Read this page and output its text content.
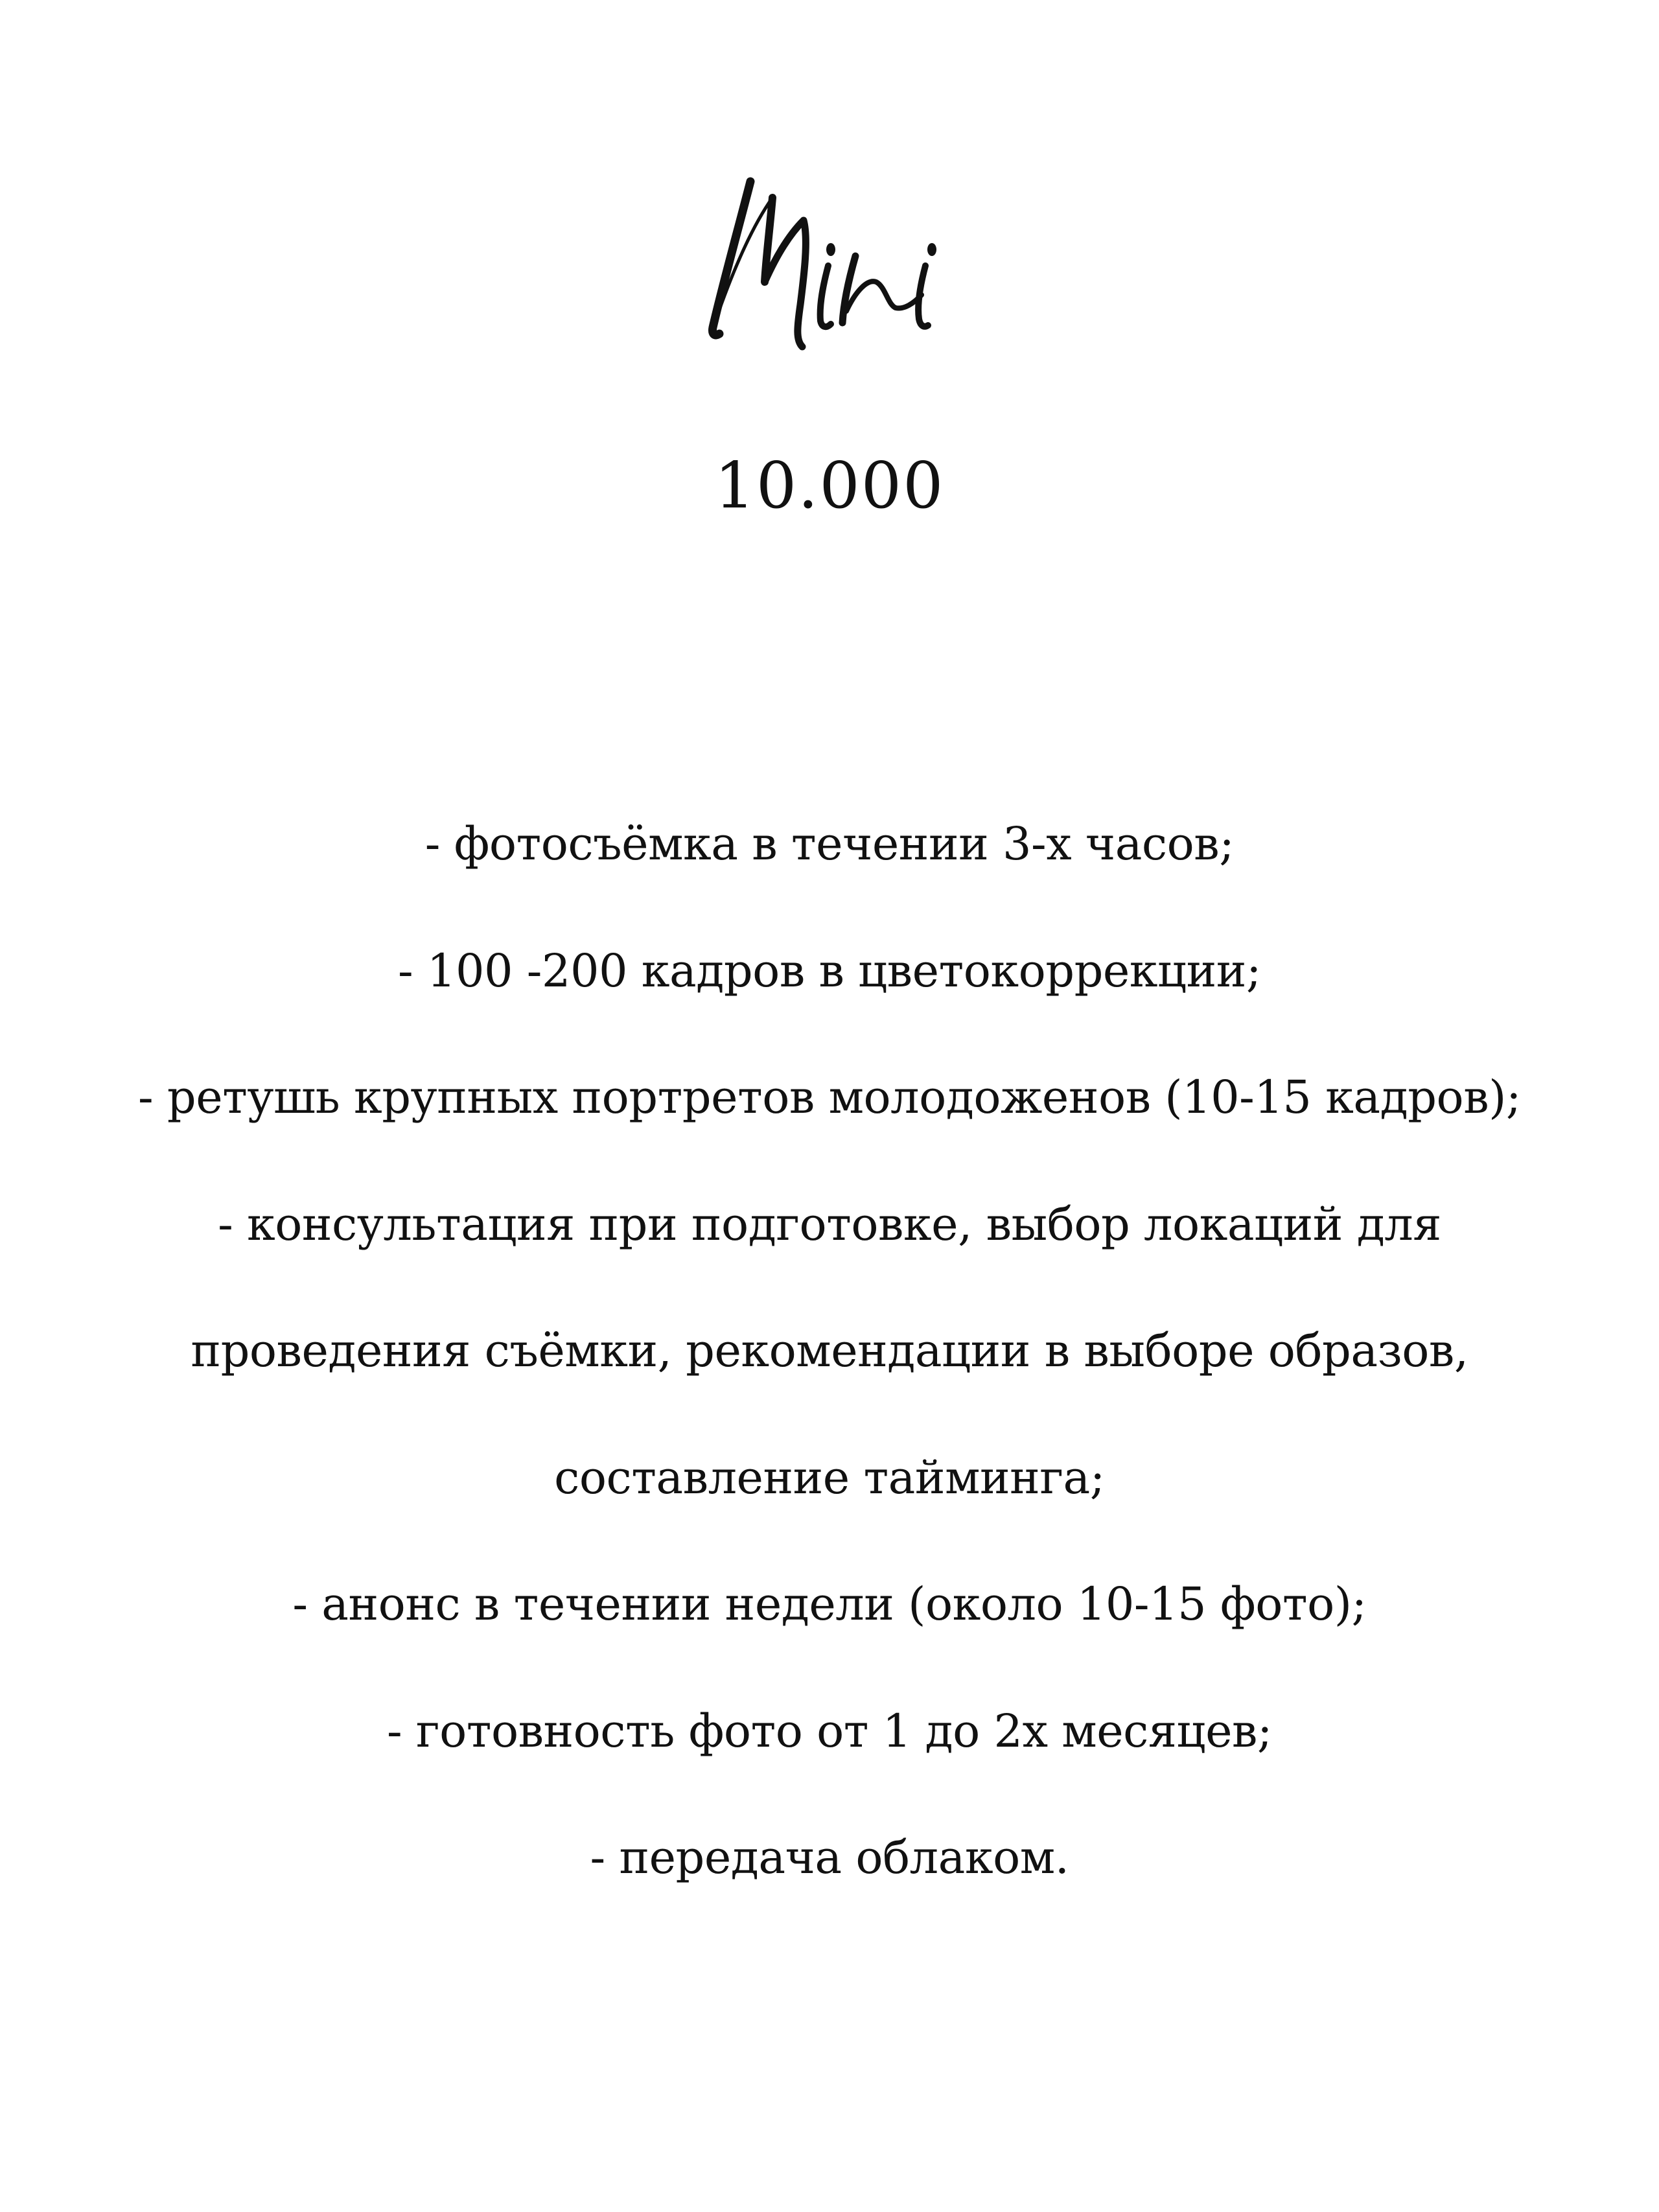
10.000
- фотосъёмка в течении 3-х часов;
- 100 -200 кадров в цветокоррекции;
- ретушь крупных портретов молодоженов (10-15 кадров);
- консультация при подготовке, выбор локаций для
проведения съёмки, рекомендации в выборе образов,
составление тайминга;
- анонс в течении недели (около 10-15 фото);
- готовность фото от 1 до 2х месяцев;
- передача облаком.
